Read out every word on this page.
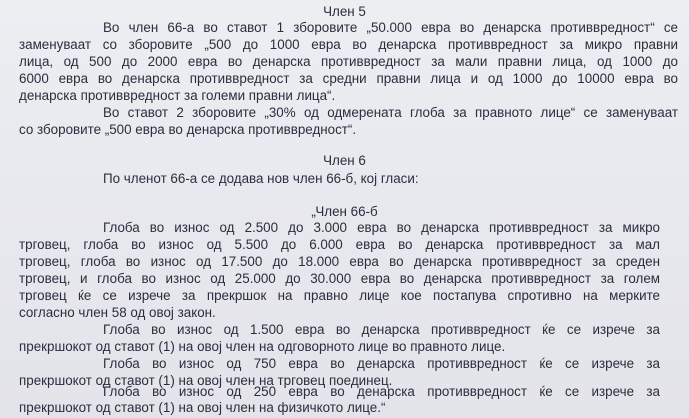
Член 5
Во член 66-а во ставот 1 зборовите „50.000 евра во денарска противвредност“ се
заменуваат со зборовите „500 до 1000 евра во денарска противвредност за микро правни
лица, од 500 до 2000 евра во денарска противвредност за мали правни лица, од 1000 до
6000 евра во денарска противвредност за средни правни лица и од 1000 до 10000 евра во
денарска противвредност за големи правни лица“.
Во ставот 2 зборовите „30% од одмерената глоба за правното лице“ се заменуваат
со зборовите „500 евра во денарска противвредност“.
Член 6
По членот 66-а се додава нов член 66-б, кој гласи:
„Член 66-б
Глоба во износ од 2.500 до 3.000 евра во денарска противвредност за микро
трговец, глоба во износ од 5.500 до 6.000 евра во денарска противвредност за мал
трговец, глоба во износ од 17.500 до 18.000 евра во денарска противвредност за среден
трговец, и глоба во износ од 25.000 до 30.000 евра во денарска противвредност за голем
трговец ќе се изрече за прекршок на правно лице кое постапува спротивно на мерките
согласно член 58 од овој закон.
Глоба во износ од 1.500 евра во денарска противвредност ќе се изрече за
прекршокот од ставот (1) на овој член на одговорното лице во правното лице.
Глоба во износ од 750 евра во денарска противвредност ќе се изрече за
прекршокот од ставот (1) на овој член на трговец поединец.
Глоба во износ од 250 евра во денарска противвредност ќе се изрече за
прекршокот од ставот (1) на овој член на физичкото лице.“
